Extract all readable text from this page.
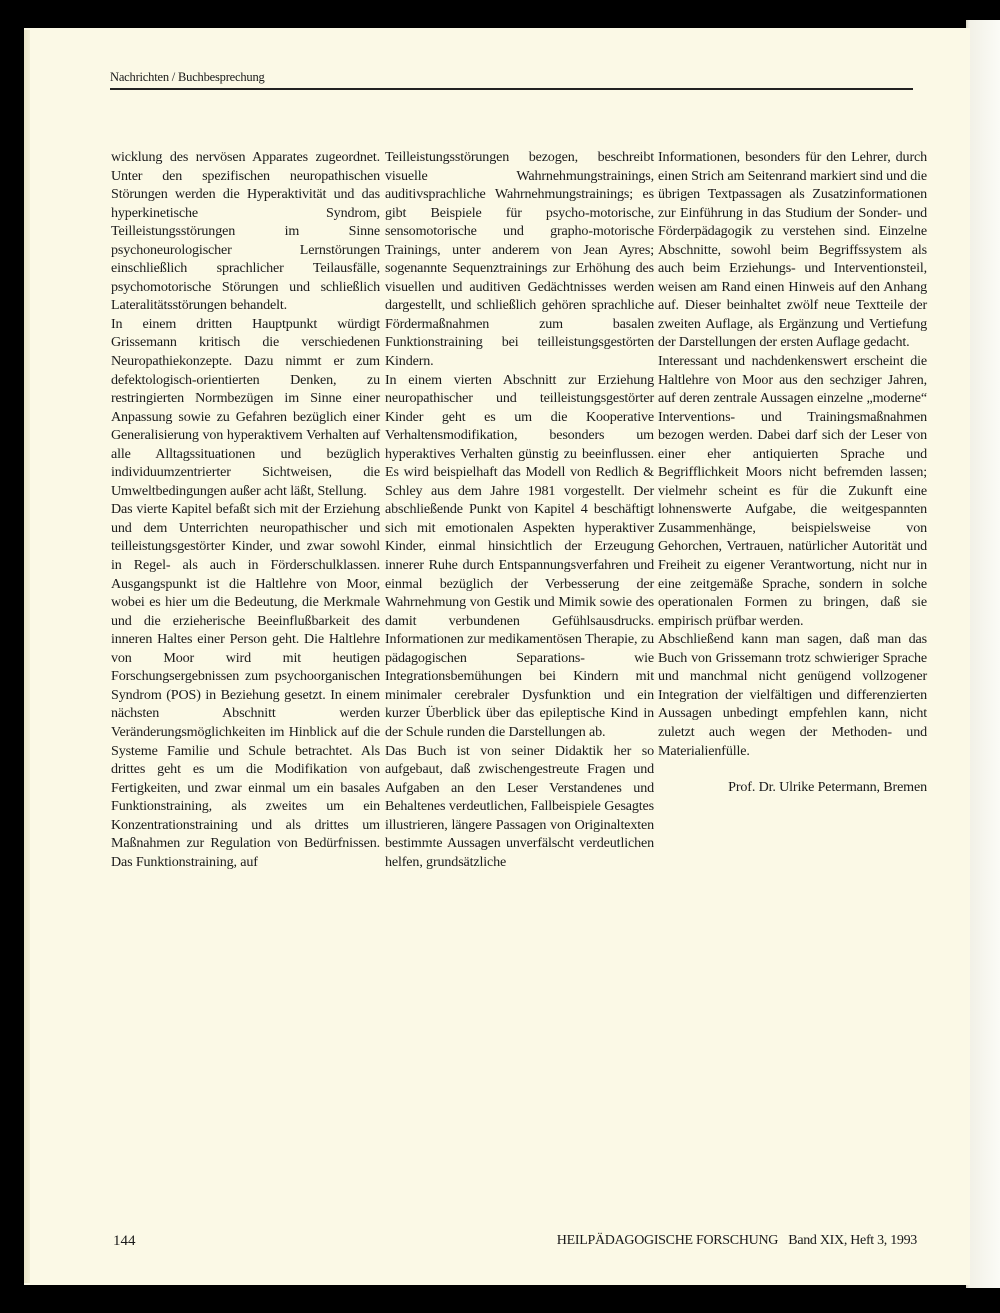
Nachrichten / Buchbesprechung

wicklung des nervösen Apparates zugeordnet. Unter den spezifischen neuropathischen Störungen werden die Hyperaktivität und das hyperkinetische Syndrom, Teilleistungsstörungen im Sinne psychoneurologischer Lernstörungen einschließlich sprachlicher Teilausfälle, psychomotorische Störungen und schließlich Lateralitätsstörungen behandelt.

In einem dritten Hauptpunkt würdigt Grissemann kritisch die verschiedenen Neuropathiekonzepte. Dazu nimmt er zum defektologisch-orientierten Denken, zu restringierten Normbezügen im Sinne einer Anpassung sowie zu Gefahren bezüglich einer Generalisierung von hyperaktivem Verhalten auf alle Alltagssituationen und bezüglich individuumzentrierter Sichtweisen, die Umweltbedingungen außer acht läßt, Stellung.

Das vierte Kapitel befaßt sich mit der Erziehung und dem Unterrichten neuropathischer und teilleistungsgestörter Kinder, und zwar sowohl in Regel- als auch in Förderschulklassen. Ausgangspunkt ist die Haltlehre von Moor, wobei es hier um die Bedeutung, die Merkmale und die erzieherische Beeinflußbarkeit des inneren Haltes einer Person geht. Die Haltlehre von Moor wird mit heutigen Forschungsergebnissen zum psychoorganischen Syndrom (POS) in Beziehung gesetzt. In einem nächsten Abschnitt werden Veränderungsmöglichkeiten im Hinblick auf die Systeme Familie und Schule betrachtet. Als drittes geht es um die Modifikation von Fertigkeiten, und zwar einmal um ein basales Funktionstraining, als zweites um ein Konzentrationstraining und als drittes um Maßnahmen zur Regulation von Bedürfnissen. Das Funktionstraining, auf

Teilleistungsstörungen bezogen, beschreibt visuelle Wahrnehmungstrainings, auditivsprachliche Wahrnehmungstrainings; es gibt Beispiele für psycho-motorische, sensomotorische und grapho-motorische Trainings, unter anderem von Jean Ayres; sogenannte Sequenztrainings zur Erhöhung des visuellen und auditiven Gedächtnisses werden dargestellt, und schließlich gehören sprachliche Fördermaßnahmen zum basalen Funktionstraining bei teilleistungsgestörten Kindern.

In einem vierten Abschnitt zur Erziehung neuropathischer und teilleistungsgestörter Kinder geht es um die Kooperative Verhaltensmodifikation, besonders um hyperaktives Verhalten günstig zu beeinflussen. Es wird beispielhaft das Modell von Redlich & Schley aus dem Jahre 1981 vorgestellt. Der abschließende Punkt von Kapitel 4 beschäftigt sich mit emotionalen Aspekten hyperaktiver Kinder, einmal hinsichtlich der Erzeugung innerer Ruhe durch Entspannungsverfahren und einmal bezüglich der Verbesserung der Wahrnehmung von Gestik und Mimik sowie des damit verbundenen Gefühlsausdrucks. Informationen zur medikamentösen Therapie, zu pädagogischen Separations- wie Integrationsbemühungen bei Kindern mit minimaler cerebraler Dysfunktion und ein kurzer Überblick über das epileptische Kind in der Schule runden die Darstellungen ab.

Das Buch ist von seiner Didaktik her so aufgebaut, daß zwischengestreute Fragen und Aufgaben an den Leser Verstandenes und Behaltenes verdeutlichen, Fallbeispiele Gesagtes illustrieren, längere Passagen von Originaltexten bestimmte Aussagen unverfälscht verdeutlichen helfen, grundsätzliche

Informationen, besonders für den Lehrer, durch einen Strich am Seitenrand markiert sind und die übrigen Textpassagen als Zusatzinformationen zur Einführung in das Studium der Sonder- und Förderpädagogik zu verstehen sind. Einzelne Abschnitte, sowohl beim Begriffssystem als auch beim Erziehungs- und Interventionsteil, weisen am Rand einen Hinweis auf den Anhang auf. Dieser beinhaltet zwölf neue Textteile der zweiten Auflage, als Ergänzung und Vertiefung der Darstellungen der ersten Auflage gedacht.

Interessant und nachdenkenswert erscheint die Haltlehre von Moor aus den sechziger Jahren, auf deren zentrale Aussagen einzelne „moderne“ Interventions- und Trainingsmaßnahmen bezogen werden. Dabei darf sich der Leser von einer eher antiquierten Sprache und Begrifflichkeit Moors nicht befremden lassen; vielmehr scheint es für die Zukunft eine lohnenswerte Aufgabe, die weitgespannten Zusammenhänge, beispielsweise von Gehorchen, Vertrauen, natürlicher Autorität und Freiheit zu eigener Verantwortung, nicht nur in eine zeitgemäße Sprache, sondern in solche operationalen Formen zu bringen, daß sie empirisch prüfbar werden.

Abschließend kann man sagen, daß man das Buch von Grissemann trotz schwieriger Sprache und manchmal nicht genügend vollzogener Integration der vielfältigen und differenzierten Aussagen unbedingt empfehlen kann, nicht zuletzt auch wegen der Methoden- und Materialienfülle.

Prof. Dr. Ulrike Petermann, Bremen

144	HEILPÄDAGOGISCHE FORSCHUNG Band XIX, Heft 3, 1993
